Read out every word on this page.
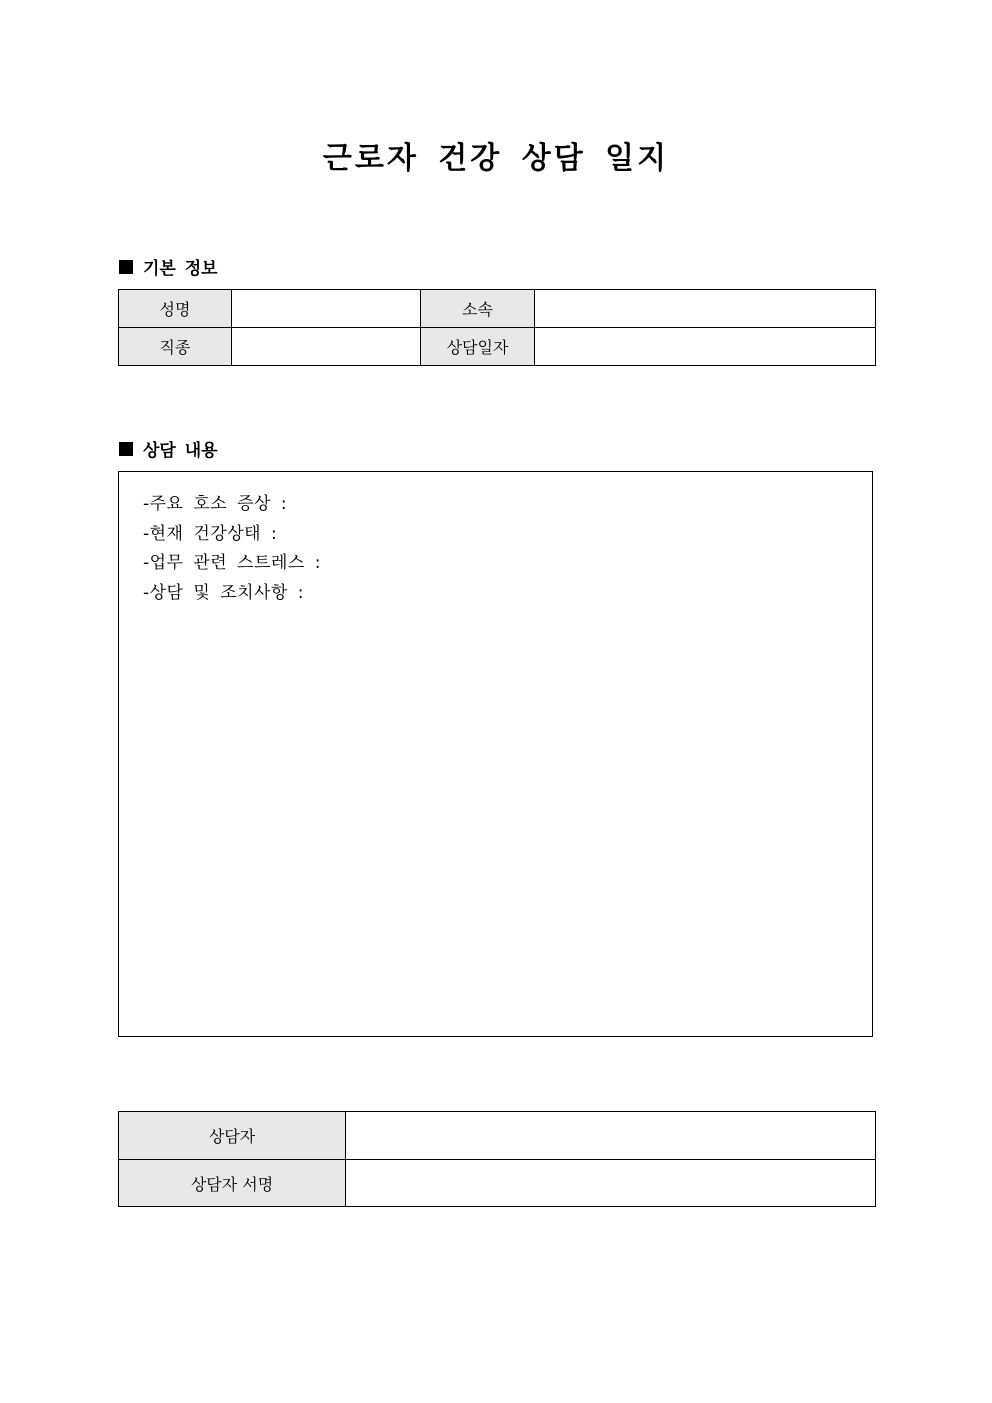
근로자 건강 상담 일지
기본 정보
성명		소속	
직종		상담일자	
상담 내용
-주요 호소 증상 :
-현재 건강상태 :
-업무 관련 스트레스 :
-상담 및 조치사항 :
상담자	
상담자 서명	
